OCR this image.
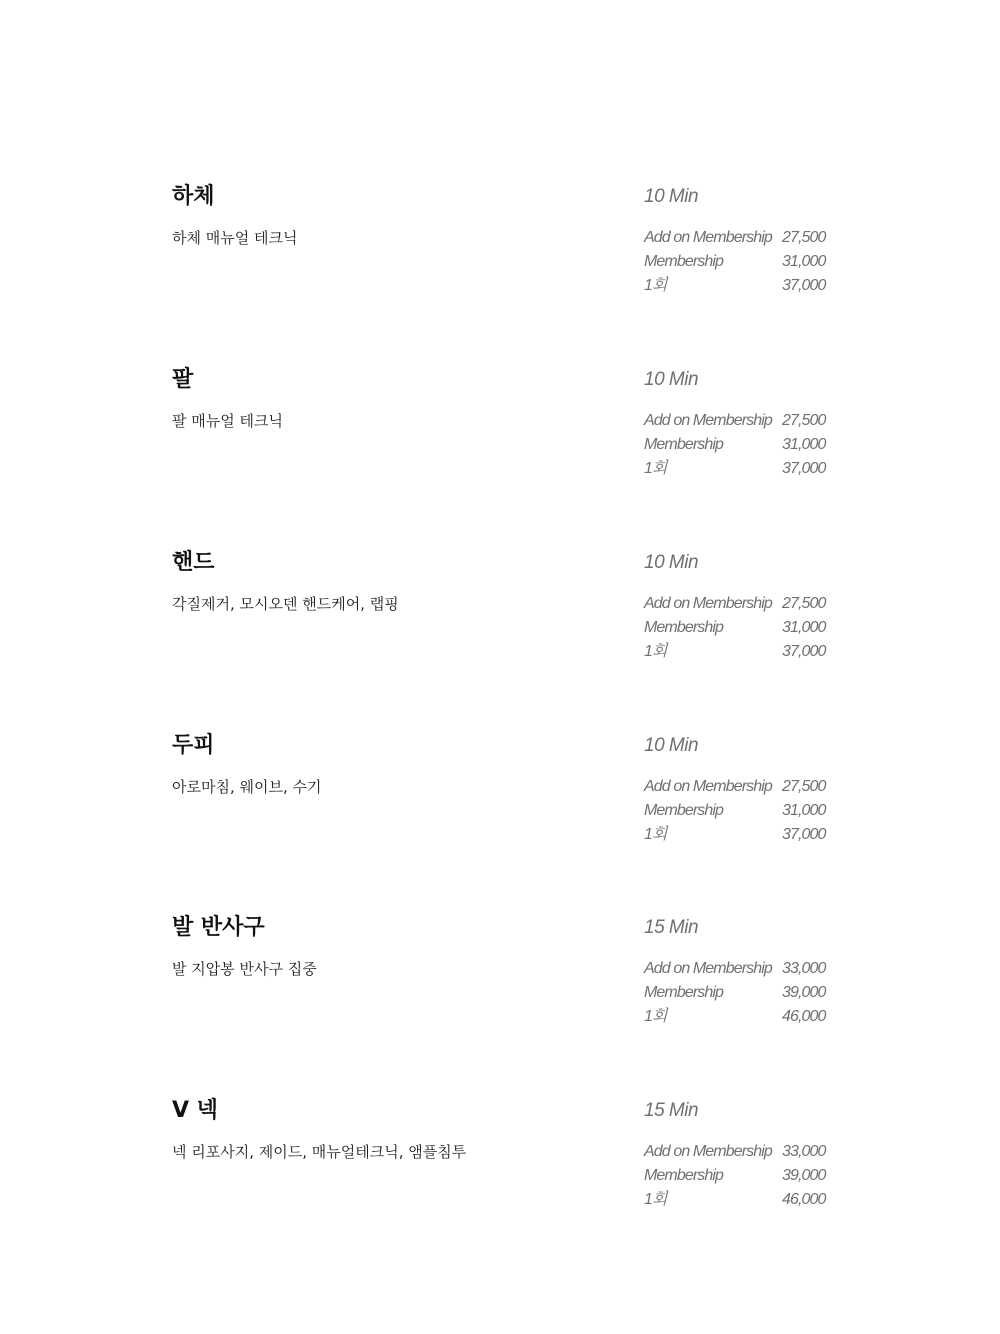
하체
하체 매뉴얼 테크닉
10 Min
Add on Membership 27,500
Membership	31,000
1회	37,000
팔
팔 매뉴얼 테크닉
10 Min
Add on Membership 27,500
Membership	31,000
1회	37,000
핸드
각질제거, 모시오덴 핸드케어, 랩핑
10 Min
Add on Membership 27,500
Membership	31,000
1회	37,000
두피
아로마침, 웨이브, 수기
10 Min
Add on Membership 27,500
Membership	31,000
1회	37,000
발 반사구
발 지압봉 반사구 집중
15 Min
Add on Membership 33,000
Membership	39,000
1회	46,000
V 넥
넥 리포사지, 제이드, 매뉴얼테크닉, 앰플침투
15 Min
Add on Membership 33,000
Membership	39,000
1회	46,000
